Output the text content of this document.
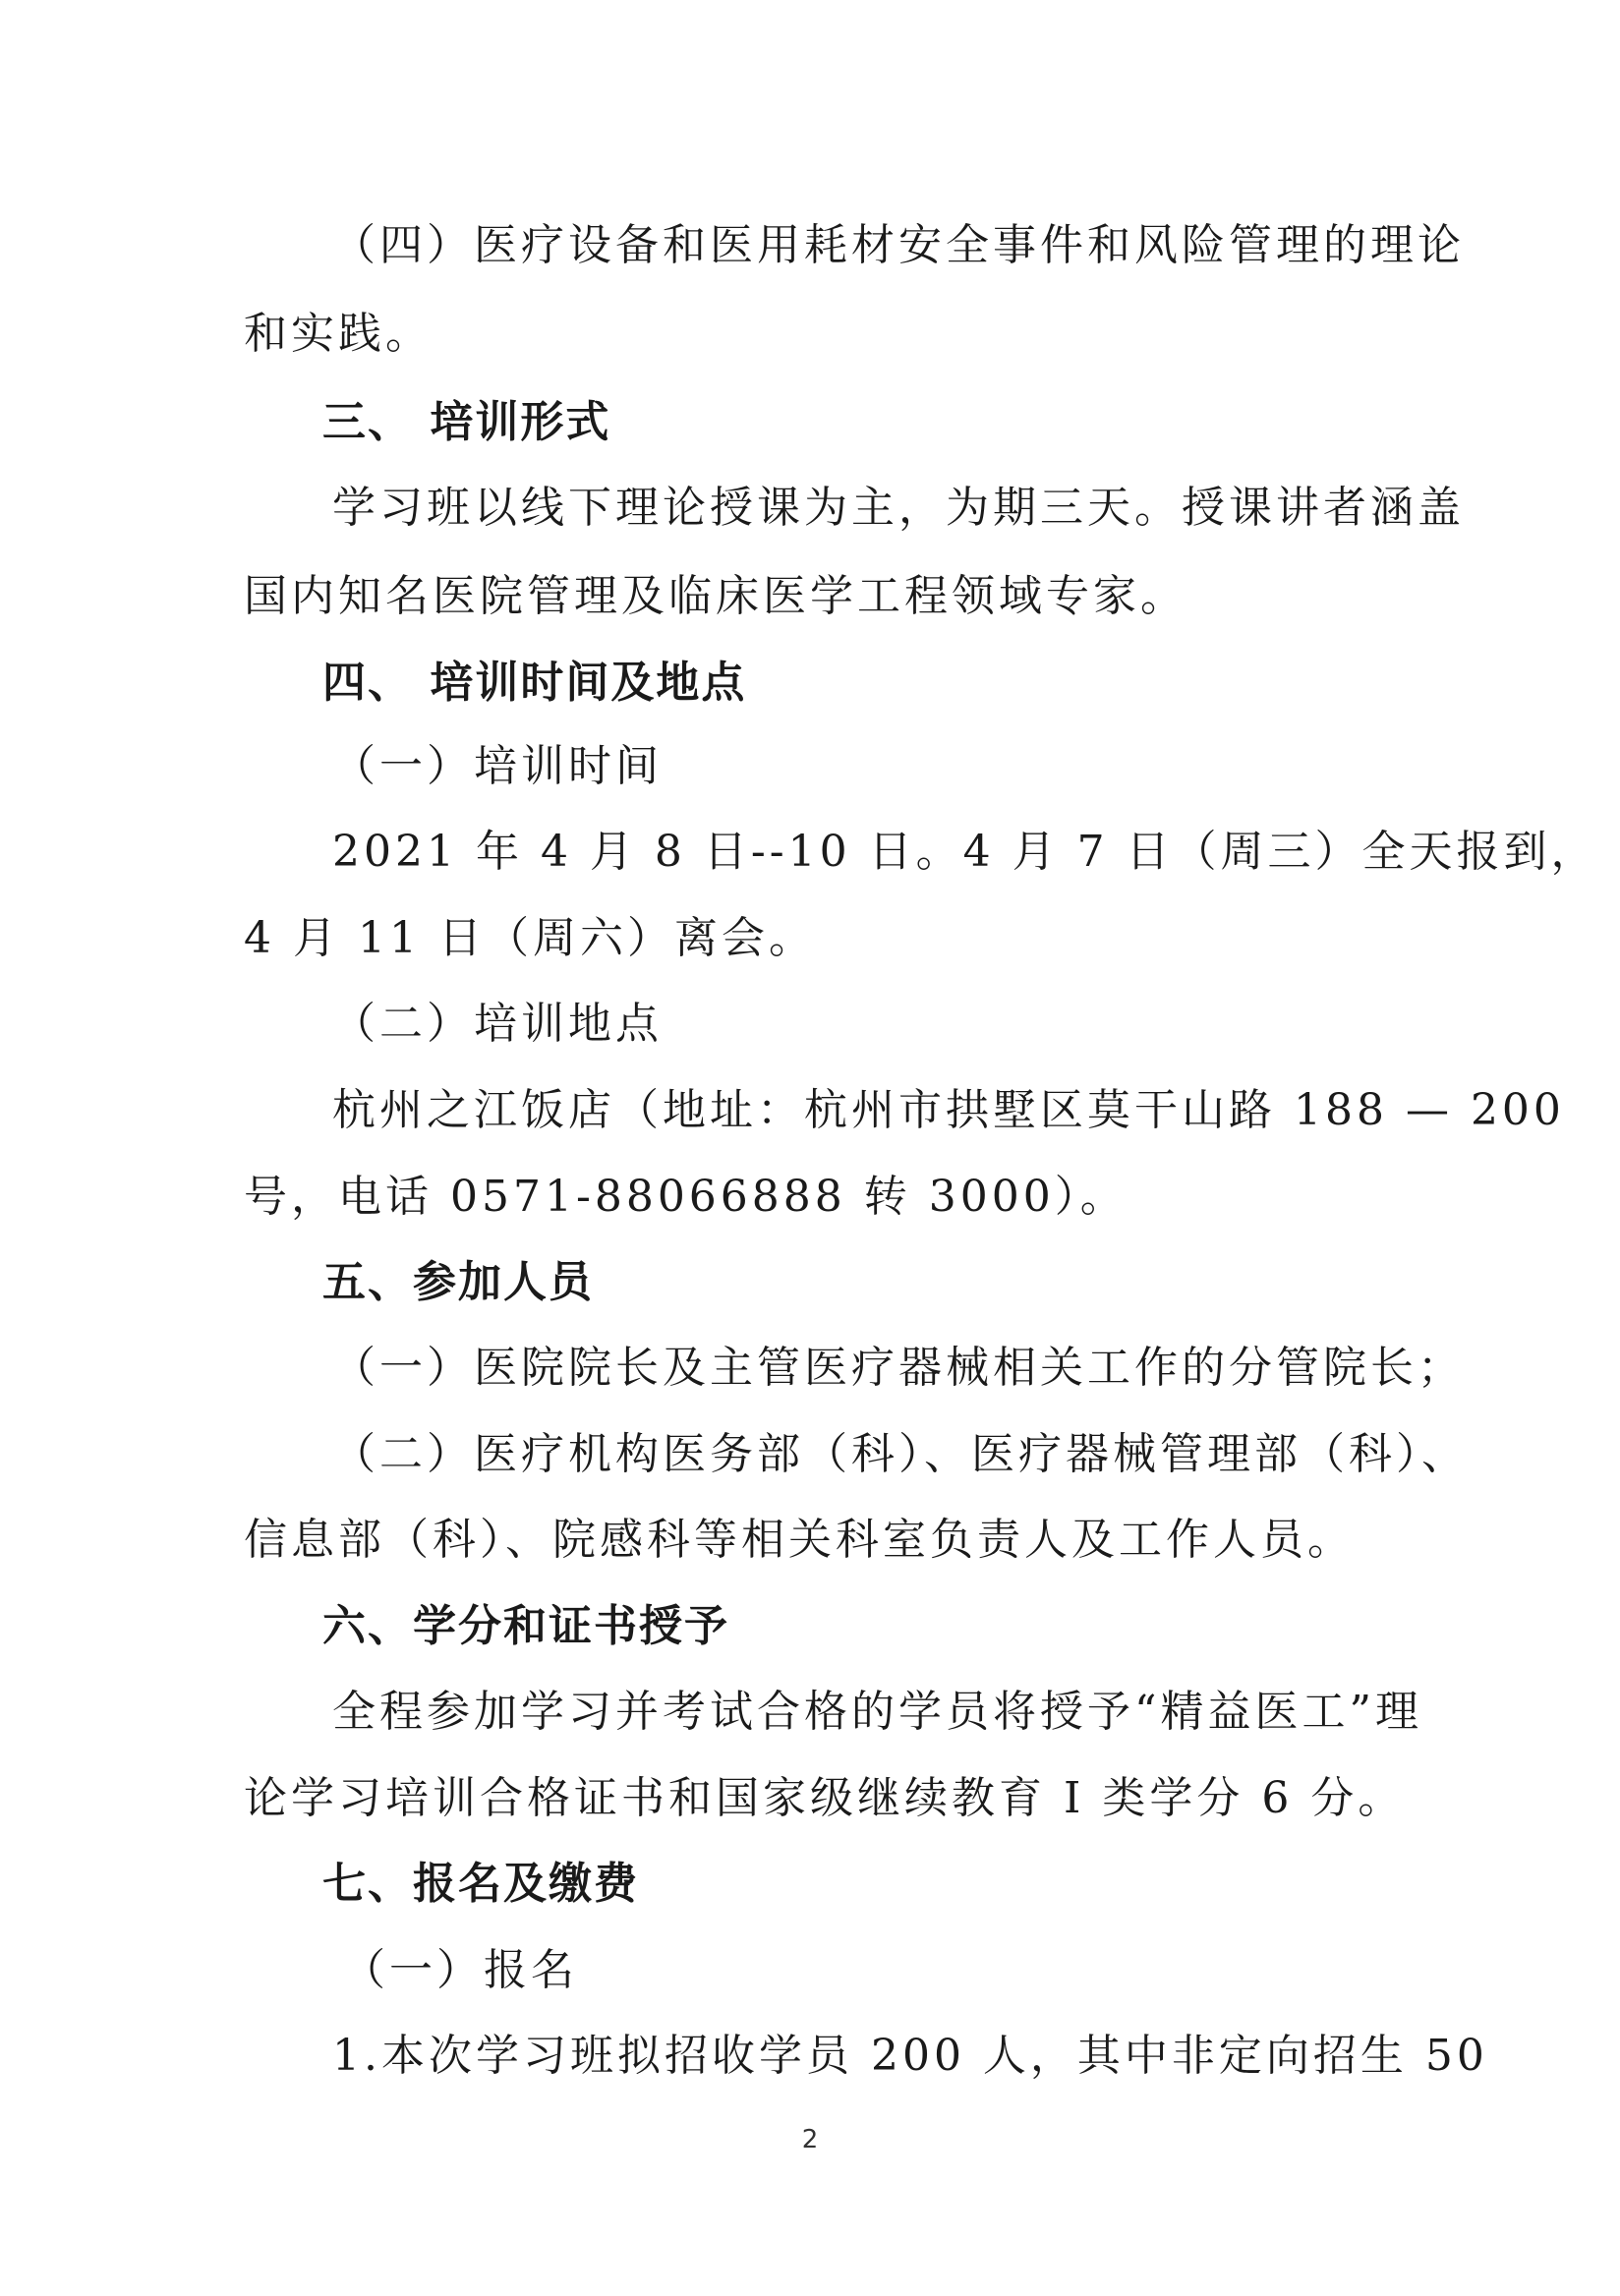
（四）医疗设备和医用耗材安全事件和风险管理的理论
和实践。
三、 培训形式
学习班以线下理论授课为主，为期三天。授课讲者涵盖
国内知名医院管理及临床医学工程领域专家。
四、 培训时间及地点
（一）培训时间
2021 年 4 月 8 日--10 日。4 月 7 日（周三）全天报到，
4 月 11 日（周六）离会。
（二）培训地点
杭州之江饭店（地址：杭州市拱墅区莫干山路 188 — 200
号，电话 0571-88066888 转 3000）。
五、参加人员
（一）医院院长及主管医疗器械相关工作的分管院长；
（二）医疗机构医务部（科）、医疗器械管理部（科）、
信息部（科）、院感科等相关科室负责人及工作人员。
六、学分和证书授予
全程参加学习并考试合格的学员将授予“精益医工”理
论学习培训合格证书和国家级继续教育 I 类学分 6 分。
七、报名及缴费
（一）报名
1.本次学习班拟招收学员 200 人，其中非定向招生 50
2
